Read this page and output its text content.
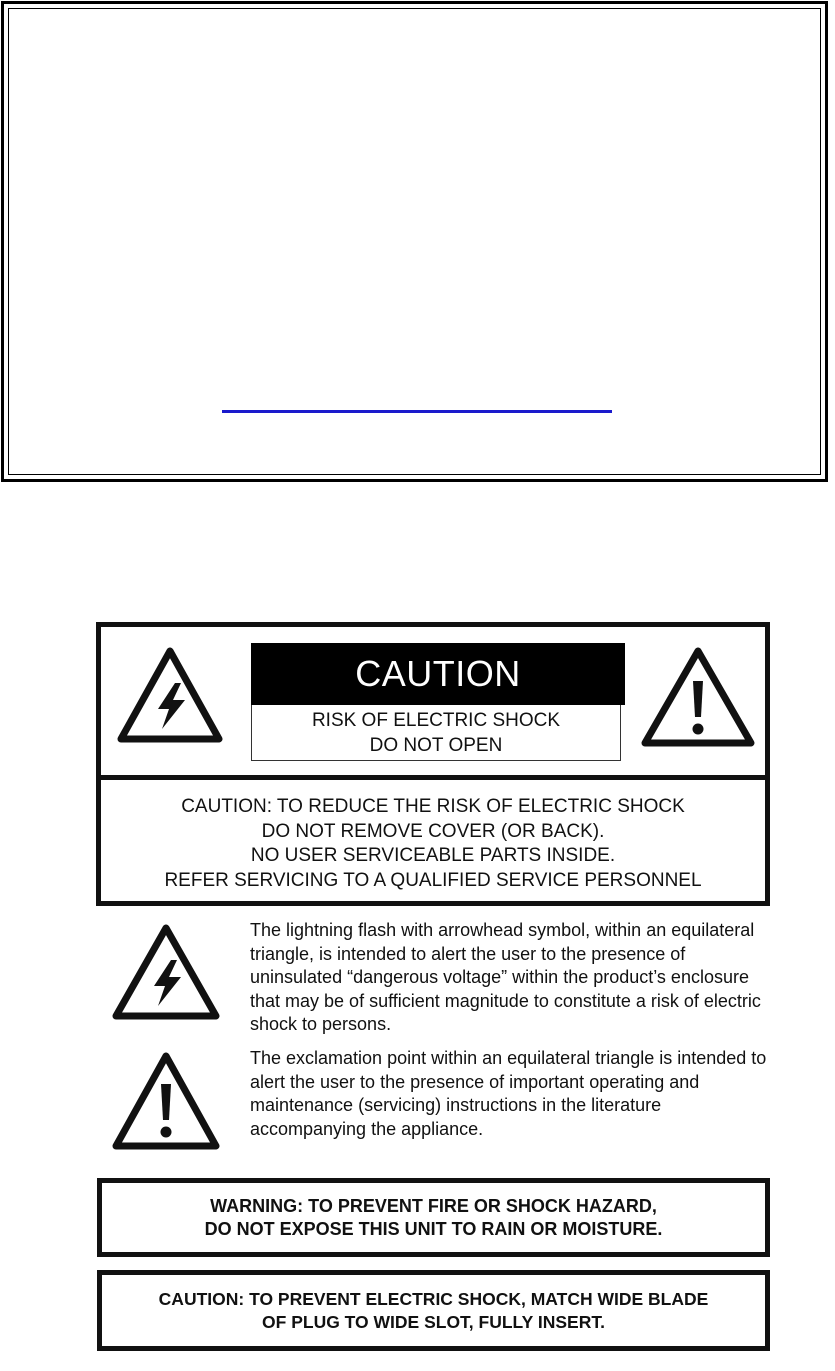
CAUTION
RISK OF ELECTRIC SHOCK
DO NOT OPEN
CAUTION: TO REDUCE THE RISK OF ELECTRIC SHOCK
DO NOT REMOVE COVER (OR BACK).
NO USER SERVICEABLE PARTS INSIDE.
REFER SERVICING TO A QUALIFIED SERVICE PERSONNEL

The lightning flash with arrowhead symbol, within an equilateral triangle, is intended to alert the user to the presence of uninsulated “dangerous voltage” within the product’s enclosure that may be of sufficient magnitude to constitute a risk of electric shock to persons.

The exclamation point within an equilateral triangle is intended to alert the user to the presence of important operating and maintenance (servicing) instructions in the literature accompanying the appliance.

WARNING: TO PREVENT FIRE OR SHOCK HAZARD,
DO NOT EXPOSE THIS UNIT TO RAIN OR MOISTURE.
CAUTION: TO PREVENT ELECTRIC SHOCK, MATCH WIDE BLADE
OF PLUG TO WIDE SLOT, FULLY INSERT.
